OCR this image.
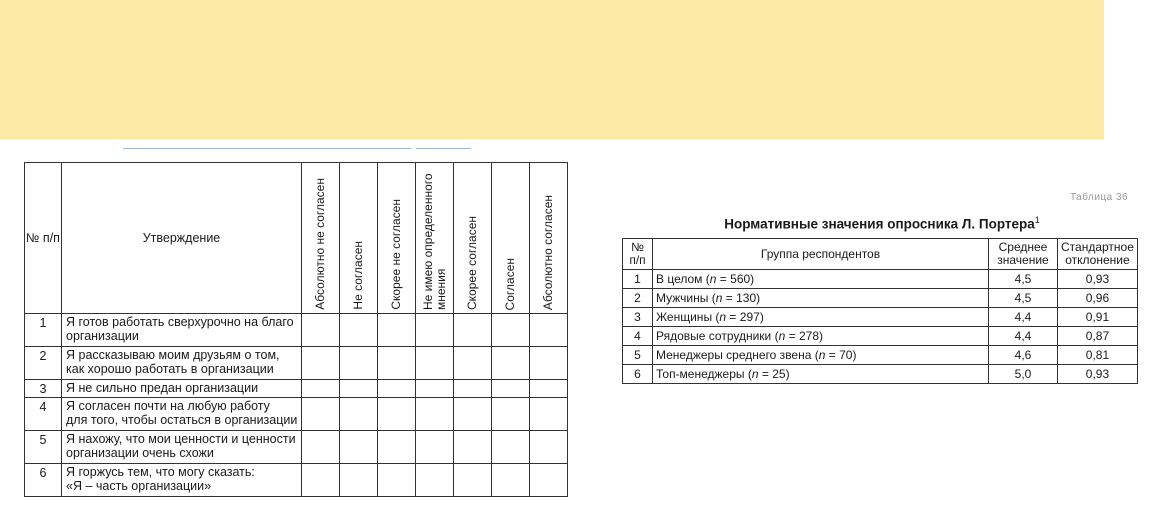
№ п/п	Утверждение	Абсолютно не согласен	Не согласен	Скорее не согласен	Не имею определенного мнения	Скорее согласен	Согласен	Абсолютно согласен

1	Я готов работать сверхурочно на благо
организации							

2	Я рассказываю моим друзьям о том,
как хорошо работать в организации							

3	Я не сильно предан организации							

4	Я согласен почти на любую работу
для того, чтобы остаться в организации							

5	Я нахожу, что мои ценности и ценности
организации очень схожи							

6	Я горжусь тем, что могу сказать:
«Я – часть организации»							

Таблица 36
Нормативные значения опросника Л. Портера$^1$
№ п/п	Группа респондентов	Среднее значение	Стандартное отклонение
1	В целом (n = 560)	4,5	0,93
2	Мужчины (n = 130)	4,5	0,96
3	Женщины (n = 297)	4,4	0,91
4	Рядовые сотрудники (n = 278)	4,4	0,87
5	Менеджеры среднего звена (n = 70)	4,6	0,81
6	Топ-менеджеры (n = 25)	5,0	0,93
